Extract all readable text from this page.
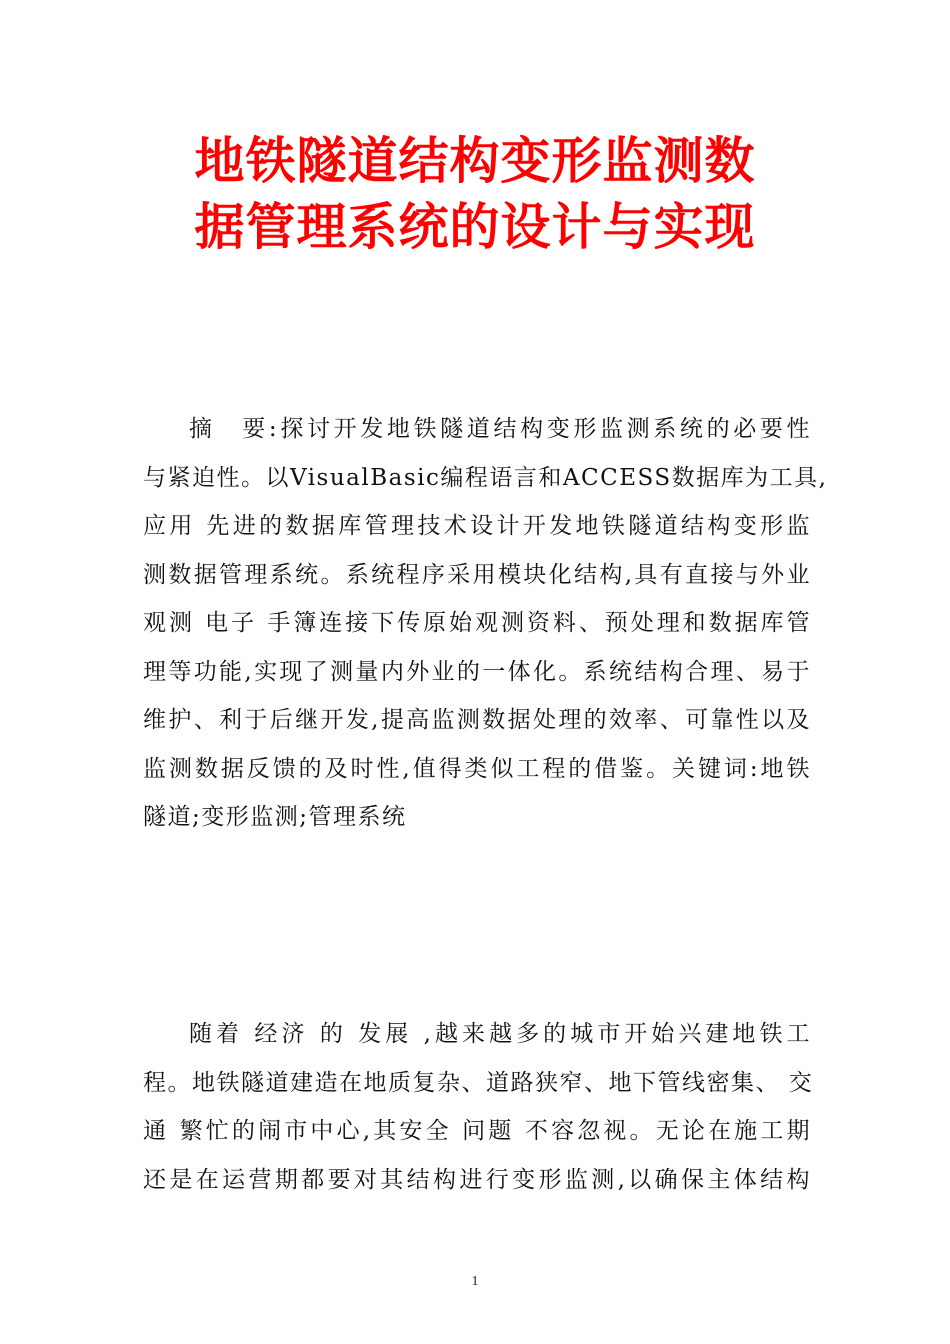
地铁隧道结构变形监测数
据管理系统的设计与实现
摘　要:探讨开发地铁隧道结构变形监测系统的必要性
与紧迫性。以VisualBasic编程语言和ACCESS数据库为工具,
应用 先进的数据库管理技术设计开发地铁隧道结构变形监
测数据管理系统。系统程序采用模块化结构,具有直接与外业
观测 电子 手簿连接下传原始观测资料、预处理和数据库管
理等功能,实现了测量内外业的一体化。系统结构合理、易于
维护、利于后继开发,提高监测数据处理的效率、可靠性以及
监测数据反馈的及时性,值得类似工程的借鉴。关键词:地铁
隧道;变形监测;管理系统
随着 经济 的 发展 ,越来越多的城市开始兴建地铁工
程。地铁隧道建造在地质复杂、道路狭窄、地下管线密集、 交
通 繁忙的闹市中心,其安全 问题 不容忽视。无论在施工期
还是在运营期都要对其结构进行变形监测,以确保主体结构
1
